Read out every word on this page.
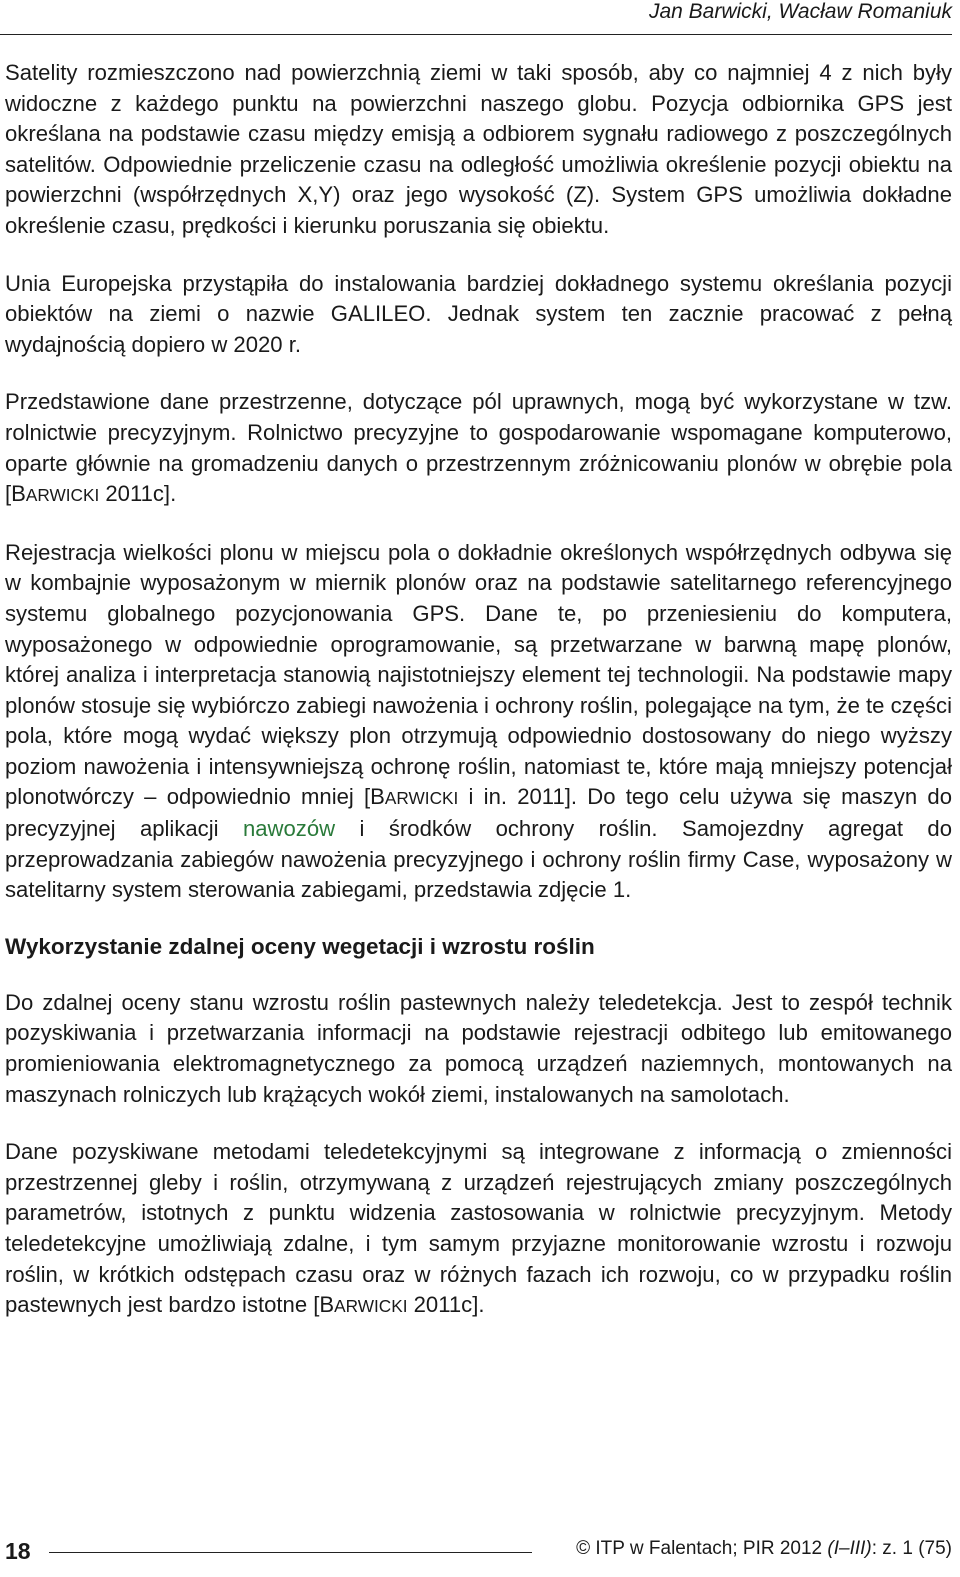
Jan Barwicki, Wacław Romaniuk

Satelity rozmieszczono nad powierzchnią ziemi w taki sposób, aby co najmniej 4 z nich były widoczne z każdego punktu na powierzchni naszego globu. Pozycja odbiornika GPS jest określana na podstawie czasu między emisją a odbiorem sygnału radiowego z poszczególnych satelitów. Odpowiednie przeliczenie czasu na odległość umożliwia określenie pozycji obiektu na powierzchni (współrzędnych X,Y) oraz jego wysokość (Z). System GPS umożliwia dokładne określenie czasu, prędkości i kierunku poruszania się obiektu.

Unia Europejska przystąpiła do instalowania bardziej dokładnego systemu określania pozycji obiektów na ziemi o nazwie GALILEO. Jednak system ten zacznie pracować z pełną wydajnością dopiero w 2020 r.

Przedstawione dane przestrzenne, dotyczące pól uprawnych, mogą być wykorzystane w tzw. rolnictwie precyzyjnym. Rolnictwo precyzyjne to gospodarowanie wspomagane komputerowo, oparte głównie na gromadzeniu danych o przestrzennym zróżnicowaniu plonów w obrębie pola [BARWICKI 2011c].

Rejestracja wielkości plonu w miejscu pola o dokładnie określonych współrzędnych odbywa się w kombajnie wyposażonym w miernik plonów oraz na podstawie satelitarnego referencyjnego systemu globalnego pozycjonowania GPS. Dane te, po przeniesieniu do komputera, wyposażonego w odpowiednie oprogramowanie, są przetwarzane w barwną mapę plonów, której analiza i interpretacja stanowią najistotniejszy element tej technologii. Na podstawie mapy plonów stosuje się wybiórczo zabiegi nawożenia i ochrony roślin, polegające na tym, że te części pola, które mogą wydać większy plon otrzymują odpowiednio dostosowany do niego wyższy poziom nawożenia i intensywniejszą ochronę roślin, natomiast te, które mają mniejszy potencjał plonotwórczy – odpowiednio mniej [BARWICKI i in. 2011]. Do tego celu używa się maszyn do precyzyjnej aplikacji nawozów i środków ochrony roślin. Samojezdny agregat do przeprowadzania zabiegów nawożenia precyzyjnego i ochrony roślin firmy Case, wyposażony w satelitarny system sterowania zabiegami, przedstawia zdjęcie 1.

Wykorzystanie zdalnej oceny wegetacji i wzrostu roślin

Do zdalnej oceny stanu wzrostu roślin pastewnych należy teledetekcja. Jest to zespół technik pozyskiwania i przetwarzania informacji na podstawie rejestracji odbitego lub emitowanego promieniowania elektromagnetycznego za pomocą urządzeń naziemnych, montowanych na maszynach rolniczych lub krążących wokół ziemi, instalowanych na samolotach.

Dane pozyskiwane metodami teledetekcyjnymi są integrowane z informacją o zmienności przestrzennej gleby i roślin, otrzymywaną z urządzeń rejestrujących zmiany poszczególnych parametrów, istotnych z punktu widzenia zastosowania w rolnictwie precyzyjnym. Metody teledetekcyjne umożliwiają zdalne, i tym samym przyjazne monitorowanie wzrostu i rozwoju roślin, w krótkich odstępach czasu oraz w różnych fazach ich rozwoju, co w przypadku roślin pastewnych jest bardzo istotne [BARWICKI 2011c].

18	© ITP w Falentach; PIR 2012 (I–III): z. 1 (75)
